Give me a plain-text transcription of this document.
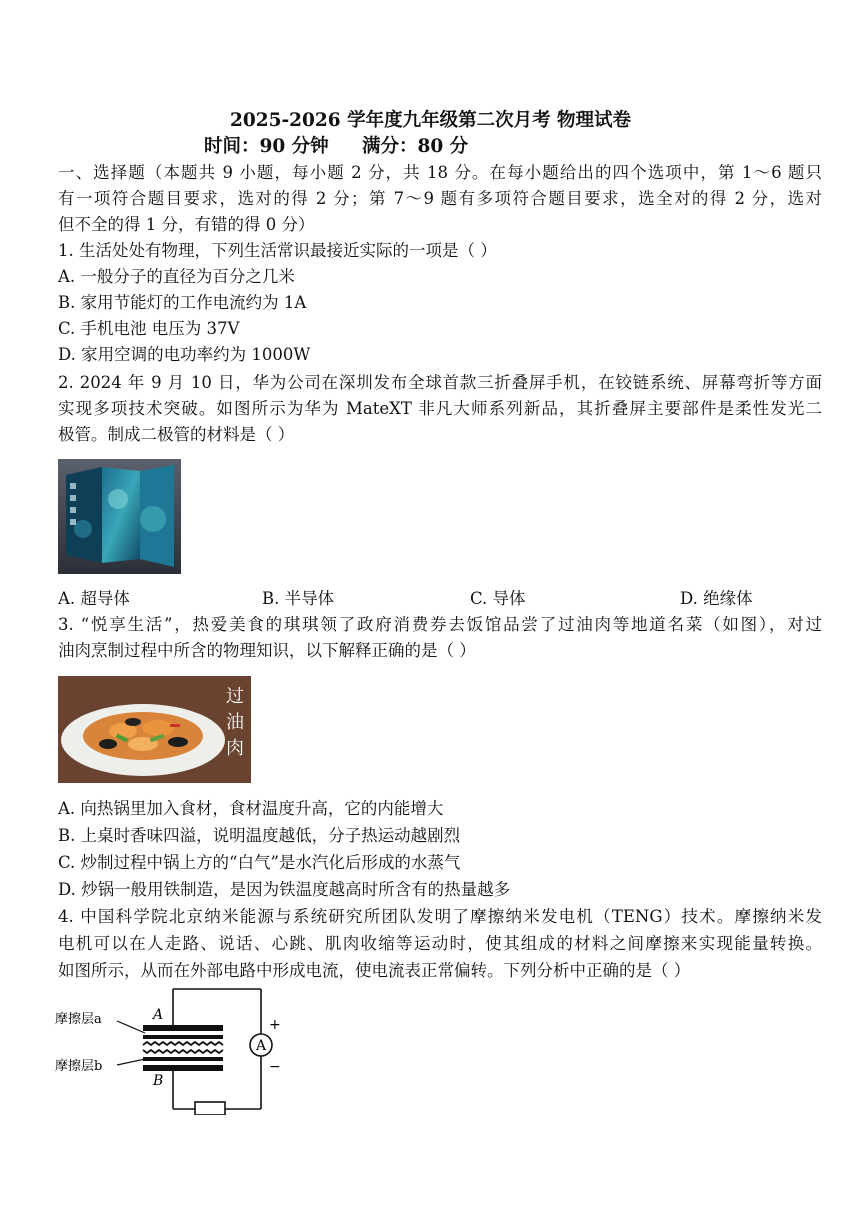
2025-2026 学年度九年级第二次月考 物理试卷
时间：90 分钟 满分：80 分
一、选择题（本题共 9 小题，每小题 2 分，共 18 分。在每小题给出的四个选项中，第 1～6 题只
有一项符合题目要求，选对的得 2 分；第 7～9 题有多项符合题目要求，选全对的得 2 分，选对
但不全的得 1 分，有错的得 0 分）
1. 生活处处有物理，下列生活常识最接近实际的一项是（ ）
A. 一般分子的直径为百分之几米
B. 家用节能灯的工作电流约为 1A
C. 手机电池 电压为 37V
D. 家用空调的电功率约为 1000W
2. 2024 年 9 月 10 日，华为公司在深圳发布全球首款三折叠屏手机，在铰链系统、屏幕弯折等方面
实现多项技术突破。如图所示为华为 MateXT 非凡大师系列新品，其折叠屏主要部件是柔性发光二
极管。制成二极管的材料是（ ）
A. 超导体	B. 半导体	C. 导体	D. 绝缘体
3. “悦享生活”，热爱美食的琪琪领了政府消费券去饭馆品尝了过油肉等地道名菜（如图），对过
油肉烹制过程中所含的物理知识，以下解释正确的是（ ）
过油肉
A. 向热锅里加入食材，食材温度升高，它的内能增大
B. 上桌时香味四溢，说明温度越低，分子热运动越剧烈
C. 炒制过程中锅上方的“白气”是水汽化后形成的水蒸气
D. 炒锅一般用铁制造，是因为铁温度越高时所含有的热量越多
4. 中国科学院北京纳米能源与系统研究所团队发明了摩擦纳米发电机（TENG）技术。摩擦纳米发
电机可以在人走路、说话、心跳、肌肉收缩等运动时，使其组成的材料之间摩擦来实现能量转换。
如图所示，从而在外部电路中形成电流，使电流表正常偏转。下列分析中正确的是（ ）
A
+
−
A
B
摩擦层a
摩擦层b
